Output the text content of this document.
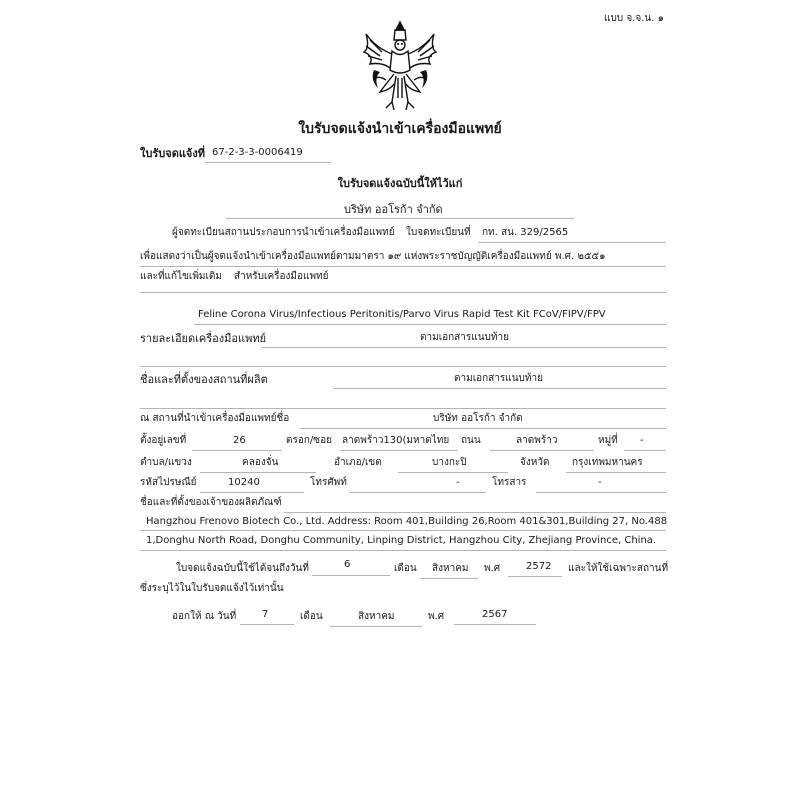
แบบ จ.จ.น. ๑
ใบรับจดแจ้งนำเข้าเครื่องมือแพทย์
ใบรับจดแจ้งที่ 67-2-3-3-0006419
ใบรับจดแจ้งฉบับนี้ให้ไว้แก่
บริษัท ออโรก้า จำกัด
ผู้จดทะเบียนสถานประกอบการนำเข้าเครื่องมือแพทย์ ใบจดทะเบียนที่ กท. สน. 329/2565
เพื่อแสดงว่าเป็นผู้จดแจ้งนำเข้าเครื่องมือแพทย์ตามมาตรา ๑๙ แห่งพระราชบัญญัติเครื่องมือแพทย์ พ.ศ. ๒๕๕๑
และที่แก้ไขเพิ่มเติม สำหรับเครื่องมือแพทย์
Feline Corona Virus/Infectious Peritonitis/Parvo Virus Rapid Test Kit FCoV/FIPV/FPV
รายละเอียดเครื่องมือแพทย์	ตามเอกสารแนบท้าย
ชื่อและที่ตั้งของสถานที่ผลิต	ตามเอกสารแนบท้าย
ณ สถานที่นำเข้าเครื่องมือแพทย์ชื่อ	บริษัท ออโรก้า จำกัด
ตั้งอยู่เลขที่	26	ตรอก/ซอย ลาดพร้าว130(มหาดไทย ถนน	ลาดพร้าว	หมู่ที่ -
ตำบล/แขวง	คลองจั่น	อำเภอ/เขต	บางกะปิ	จังหวัด กรุงเทพมหานคร
รหัสไปรษณีย์	10240	โทรศัพท์	-	โทรสาร	-
ชื่อและที่ตั้งของเจ้าของผลิตภัณฑ์
Hangzhou Frenovo Biotech Co., Ltd. Address: Room 401,Building 26,Room 401&301,Building 27, No.488
1,Donghu North Road, Donghu Community, Linping District, Hangzhou City, Zhejiang Province, China.
ใบจดแจ้งฉบับนี้ใช้ได้จนถึงวันที่	6	เดือน สิงหาคม พ.ศ	2572 และให้ใช้เฉพาะสถานที่
ซึ่งระบุไว้ในใบรับจดแจ้งไว้เท่านั้น
ออกให้ ณ วันที่	7	เดือน	สิงหาคม	พ.ศ	2567
